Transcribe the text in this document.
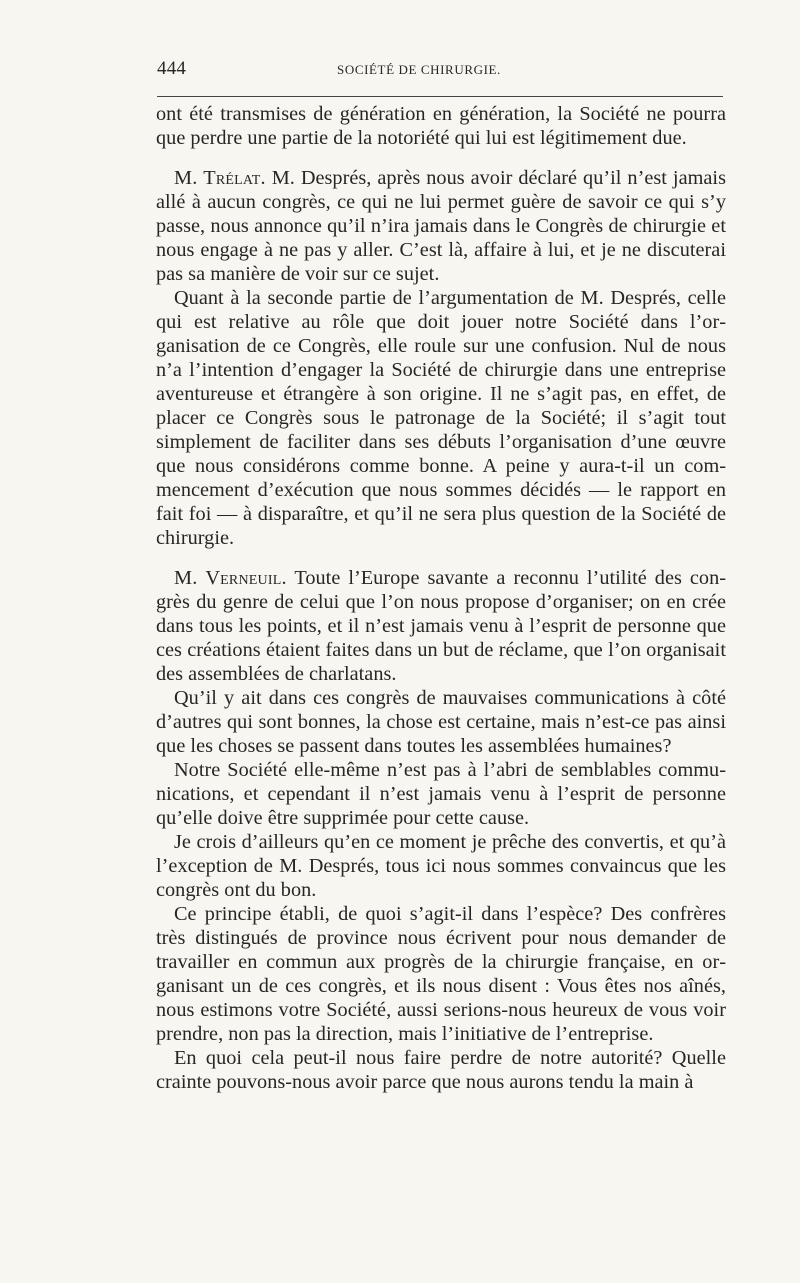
444	SOCIÉTÉ DE CHIRURGIE.

ont été transmises de génération en génération, la Société ne pourra que perdre une partie de la notoriété qui lui est légitimement due.

M. Trélat. M. Després, après nous avoir déclaré qu’il n’est jamais allé à aucun congrès, ce qui ne lui permet guère de savoir ce qui s’y passe, nous annonce qu’il n’ira jamais dans le Congrès de chirurgie et nous engage à ne pas y aller. C’est là, affaire à lui, et je ne discuterai pas sa manière de voir sur ce sujet.

Quant à la seconde partie de l’argumentation de M. Després, celle qui est relative au rôle que doit jouer notre Société dans l’organisation de ce Congrès, elle roule sur une confusion. Nul de nous n’a l’intention d’engager la Société de chirurgie dans une entreprise aventureuse et étrangère à son origine. Il ne s’agit pas, en effet, de placer ce Congrès sous le patronage de la Société; il s’agit tout simplement de faciliter dans ses débuts l’organisation d’une œuvre que nous considérons comme bonne. A peine y aura-t-il un commencement d’exécution que nous sommes décidés — le rapport en fait foi — à disparaître, et qu’il ne sera plus question de la Société de chirurgie.

M. Verneuil. Toute l’Europe savante a reconnu l’utilité des congrès du genre de celui que l’on nous propose d’organiser; on en crée dans tous les points, et il n’est jamais venu à l’esprit de personne que ces créations étaient faites dans un but de réclame, que l’on organisait des assemblées de charlatans.

Qu’il y ait dans ces congrès de mauvaises communications à côté d’autres qui sont bonnes, la chose est certaine, mais n’est-ce pas ainsi que les choses se passent dans toutes les assemblées humaines?

Notre Société elle-même n’est pas à l’abri de semblables communications, et cependant il n’est jamais venu à l’esprit de personne qu’elle doive être supprimée pour cette cause.

Je crois d’ailleurs qu’en ce moment je prêche des convertis, et qu’à l’exception de M. Després, tous ici nous sommes convaincus que les congrès ont du bon.

Ce principe établi, de quoi s’agit-il dans l’espèce? Des confrères très distingués de province nous écrivent pour nous demander de travailler en commun aux progrès de la chirurgie française, en organisant un de ces congrès, et ils nous disent : Vous êtes nos aînés, nous estimons votre Société, aussi serions-nous heureux de vous voir prendre, non pas la direction, mais l’initiative de l’entreprise.

En quoi cela peut-il nous faire perdre de notre autorité? Quelle crainte pouvons-nous avoir parce que nous aurons tendu la main à
